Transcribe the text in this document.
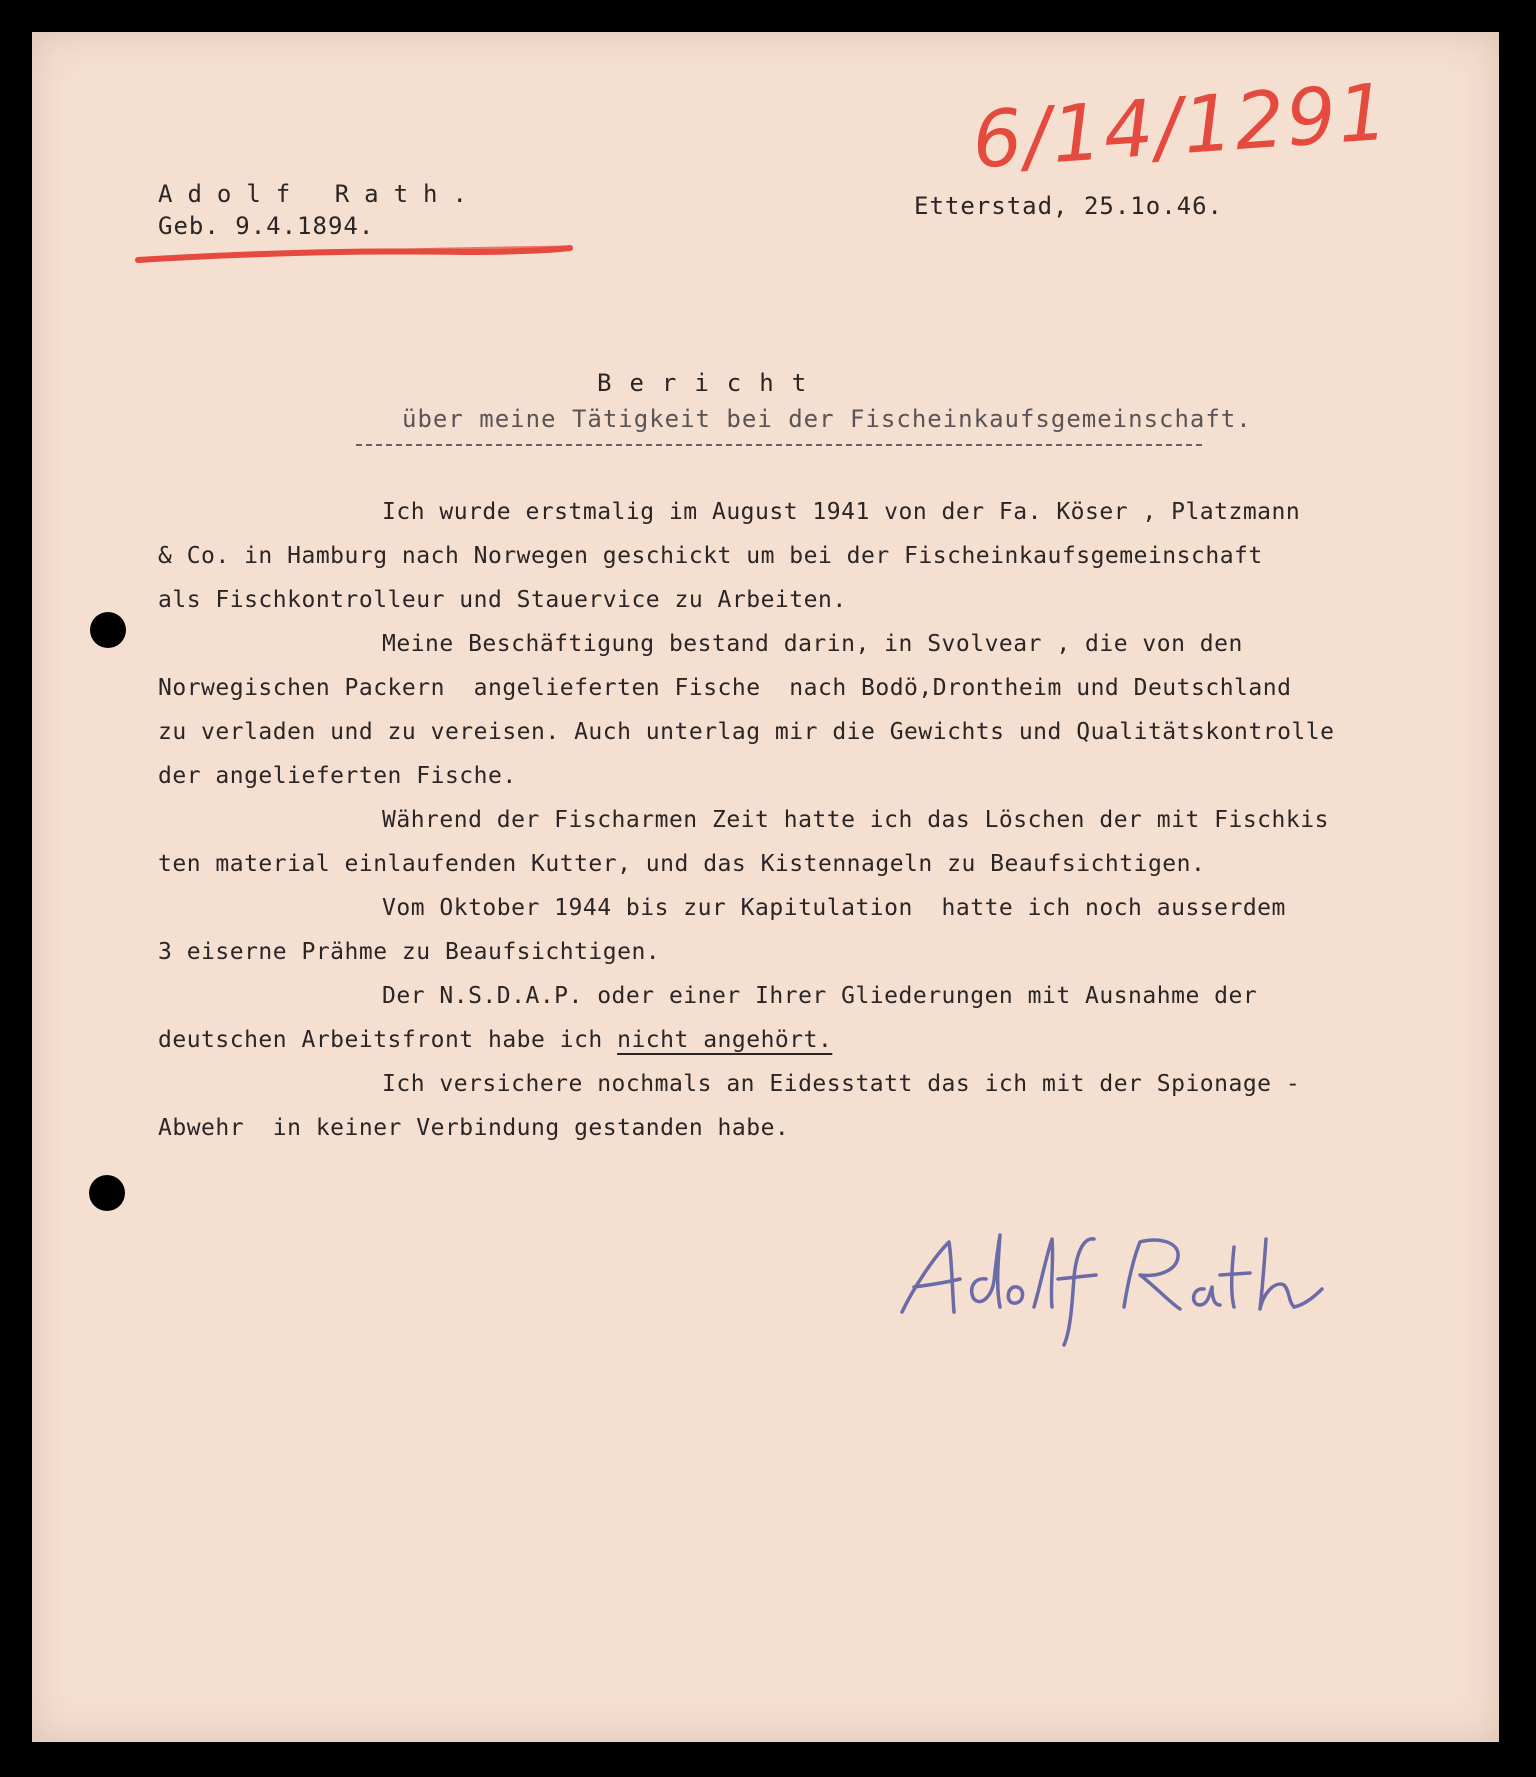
6/14/1291
Adolf Rath.
Geb. 9.4.1894.
Etterstad, 25.1o.46.
Bericht
über meine Tätigkeit bei der Fischeinkaufsgemeinschaft.
Ich wurde erstmalig im August 1941 von der Fa. Köser , Platzmann
& Co. in Hamburg nach Norwegen geschickt um bei der Fischeinkaufsgemeinschaft
als Fischkontrolleur und Stauervice zu Arbeiten.
Meine Beschäftigung bestand darin, in Svolvear , die von den
Norwegischen Packern  angelieferten Fische  nach Bodö,Drontheim und Deutschland
zu verladen und zu vereisen. Auch unterlag mir die Gewichts und Qualitätskontrolle
der angelieferten Fische.
Während der Fischarmen Zeit hatte ich das Löschen der mit Fischkis
ten material einlaufenden Kutter, und das Kistennageln zu Beaufsichtigen.
Vom Oktober 1944 bis zur Kapitulation  hatte ich noch ausserdem
3 eiserne Prähme zu Beaufsichtigen.
Der N.S.D.A.P. oder einer Ihrer Gliederungen mit Ausnahme der
deutschen Arbeitsfront habe ich nicht angehört.
Ich versichere nochmals an Eidesstatt das ich mit der Spionage -
Abwehr  in keiner Verbindung gestanden habe.
